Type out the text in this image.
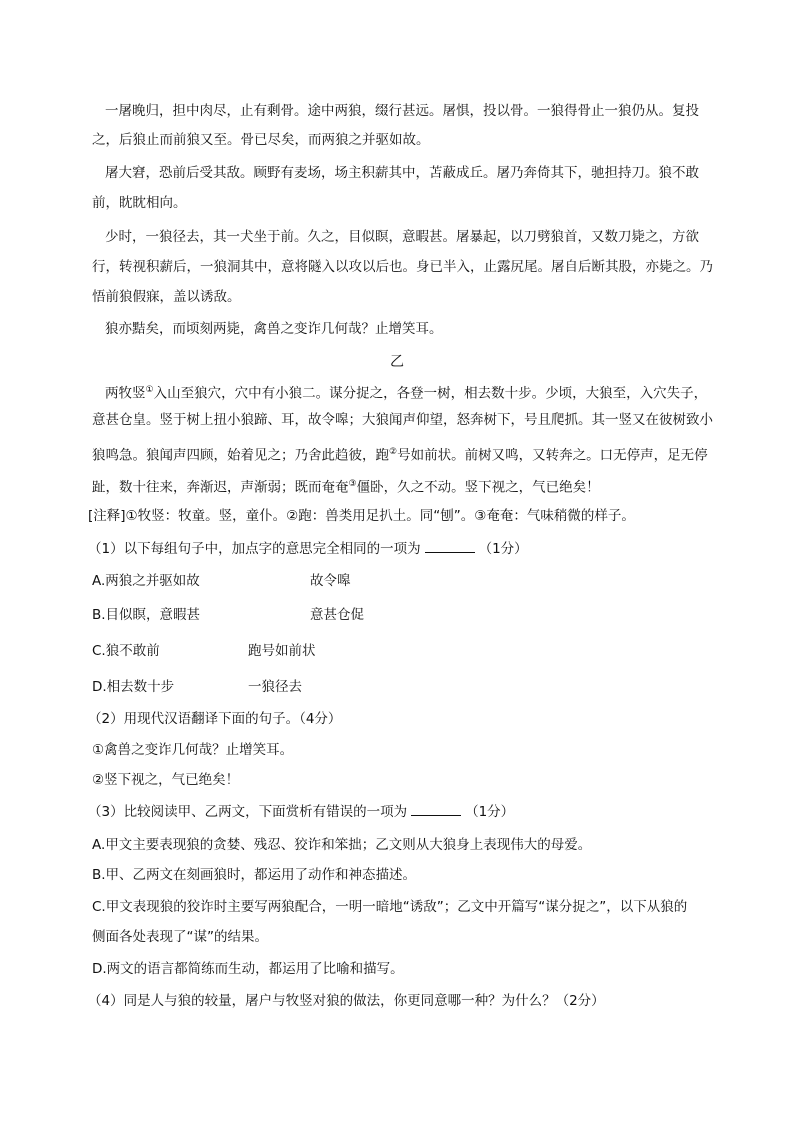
一屠晚归，担中肉尽，止有剩骨。途中两狼，缀行甚远。屠惧，投以骨。一狼得骨止一狼仍从。复投
之，后狼止而前狼又至。骨已尽矣，而两狼之并驱如故。
屠大窘，恐前后受其敌。顾野有麦场，场主积薪其中，苫蔽成丘。屠乃奔倚其下，驰担持刀。狼不敢
前，眈眈相向。
少时，一狼径去，其一犬坐于前。久之，目似瞑，意暇甚。屠暴起，以刀劈狼首，又数刀毙之，方欲
行，转视积薪后，一狼洞其中，意将隧入以攻以后也。身已半入，止露尻尾。屠自后断其股，亦毙之。乃
悟前狼假寐，盖以诱敌。
狼亦黠矣，而顷刻两毙，禽兽之变诈几何哉？止增笑耳。
乙
两牧竖①入山至狼穴，穴中有小狼二。谋分捉之，各登一树，相去数十步。少顷，大狼至，入穴失子，
意甚仓皇。竖于树上扭小狼蹄、耳，故令嗥；大狼闻声仰望，怒奔树下，号且爬抓。其一竖又在彼树致小
狼鸣急。狼闻声四顾，始着见之；乃舍此趋彼，跑②号如前状。前树又鸣，又转奔之。口无停声，足无停
趾，数十往来，奔渐迟，声渐弱；既而奄奄③僵卧，久之不动。竖下视之，气已绝矣！
[注释]①牧竖：牧童。竖，童仆。②跑：兽类用足扒土。同“刨”。③奄奄：气味稍微的样子。
（1）以下每组句子中，加点字的意思完全相同的一项为	（1分）
A.两狼之并驱如故	故令嗥
B.目似瞑，意暇甚	意甚仓促
C.狼不敢前	跑号如前状
D.相去数十步	一狼径去
（2）用现代汉语翻译下面的句子。（4分）
①禽兽之变诈几何哉？止增笑耳。
②竖下视之，气已绝矣！
（3）比较阅读甲、乙两文，下面赏析有错误的一项为	（1分）
A.甲文主要表现狼的贪婪、残忍、狡诈和笨拙；乙文则从大狼身上表现伟大的母爱。
B.甲、乙两文在刻画狼时，都运用了动作和神态描述。
C.甲文表现狼的狡诈时主要写两狼配合，一明一暗地“诱敌”；乙文中开篇写“谋分捉之”，以下从狼的
侧面各处表现了“谋”的结果。
D.两文的语言都简练而生动，都运用了比喻和描写。
（4）同是人与狼的较量，屠户与牧竖对狼的做法，你更同意哪一种？为什么？（2分）
